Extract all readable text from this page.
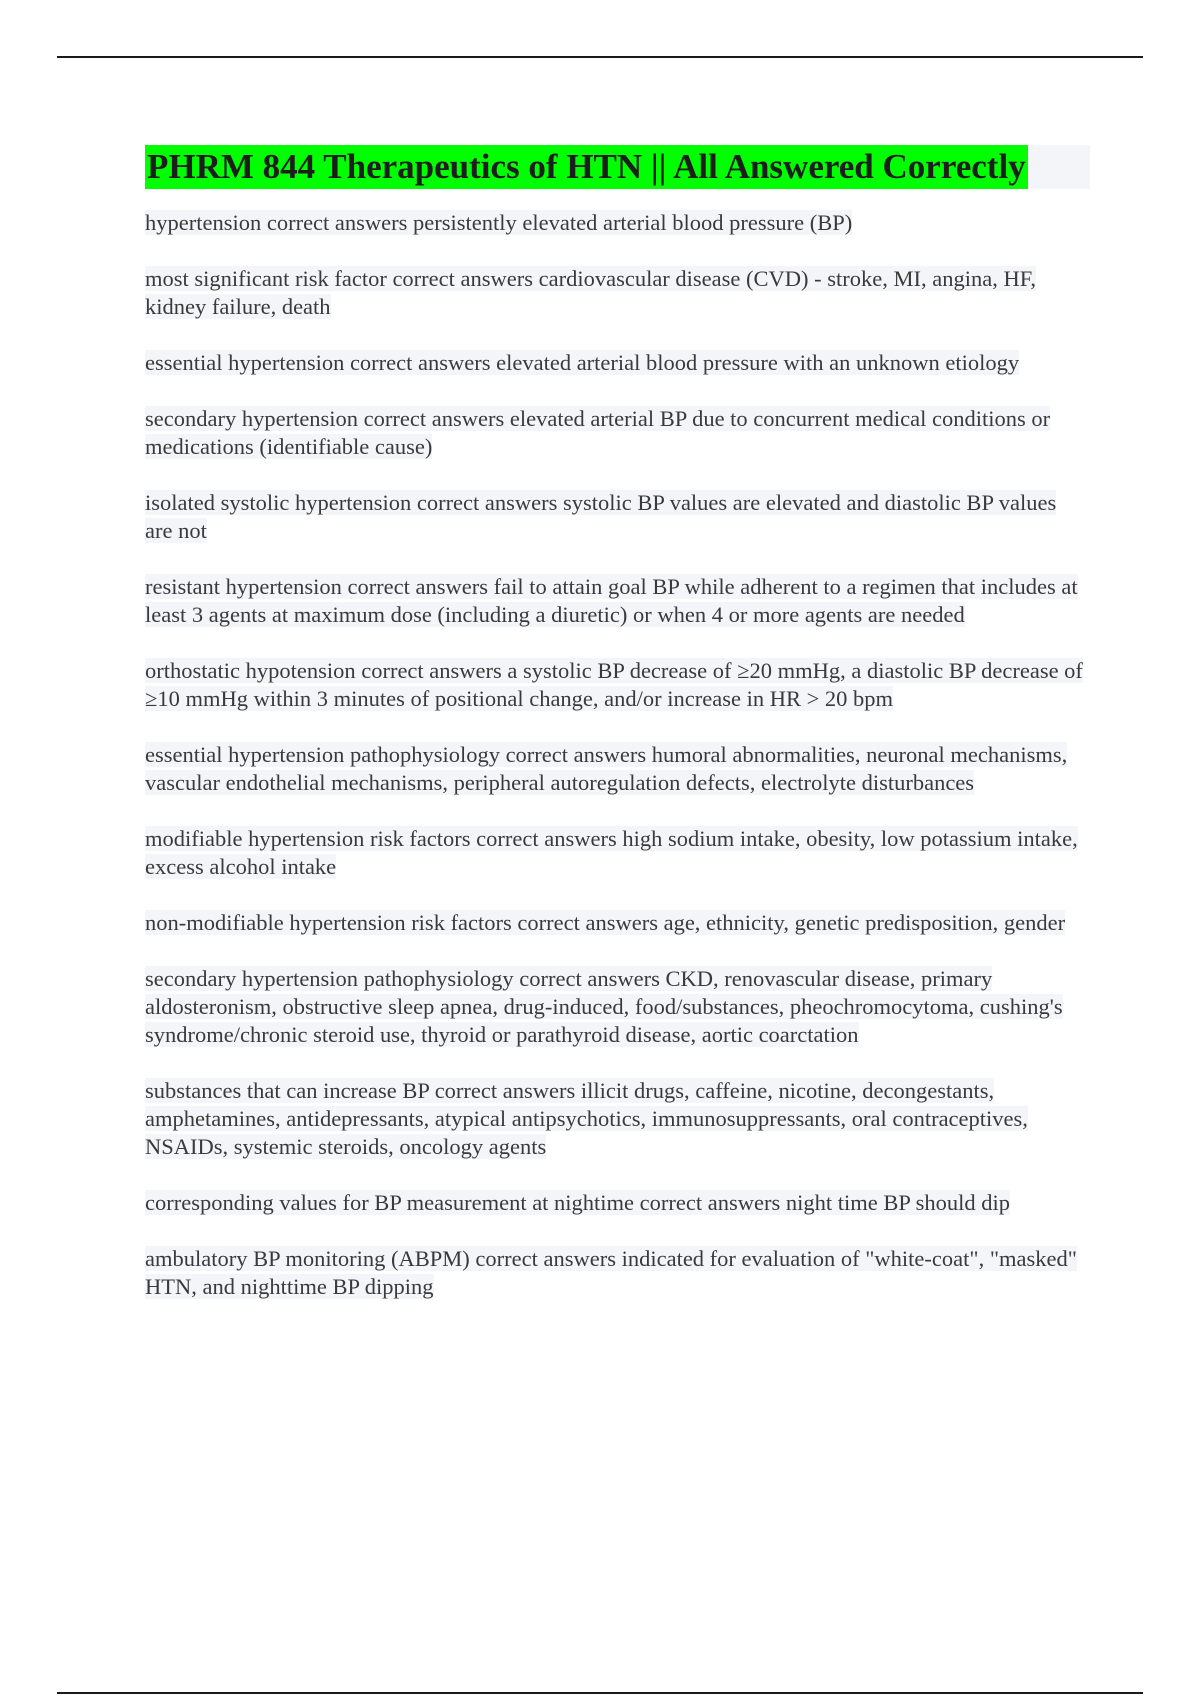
PHRM 844 Therapeutics of HTN || All Answered Correctly

hypertension correct answers persistently elevated arterial blood pressure (BP)

most significant risk factor correct answers cardiovascular disease (CVD) - stroke, MI, angina, HF, kidney failure, death

essential hypertension correct answers elevated arterial blood pressure with an unknown etiology

secondary hypertension correct answers elevated arterial BP due to concurrent medical conditions or medications (identifiable cause)

isolated systolic hypertension correct answers systolic BP values are elevated and diastolic BP values are not

resistant hypertension correct answers fail to attain goal BP while adherent to a regimen that includes at least 3 agents at maximum dose (including a diuretic) or when 4 or more agents are needed

orthostatic hypotension correct answers a systolic BP decrease of ≥20 mmHg, a diastolic BP decrease of ≥10 mmHg within 3 minutes of positional change, and/or increase in HR > 20 bpm

essential hypertension pathophysiology correct answers humoral abnormalities, neuronal mechanisms, vascular endothelial mechanisms, peripheral autoregulation defects, electrolyte disturbances

modifiable hypertension risk factors correct answers high sodium intake, obesity, low potassium intake, excess alcohol intake

non-modifiable hypertension risk factors correct answers age, ethnicity, genetic predisposition, gender

secondary hypertension pathophysiology correct answers CKD, renovascular disease, primary aldosteronism, obstructive sleep apnea, drug-induced, food/substances, pheochromocytoma, cushing's syndrome/chronic steroid use, thyroid or parathyroid disease, aortic coarctation

substances that can increase BP correct answers illicit drugs, caffeine, nicotine, decongestants, amphetamines, antidepressants, atypical antipsychotics, immunosuppressants, oral contraceptives, NSAIDs, systemic steroids, oncology agents

corresponding values for BP measurement at nightime correct answers night time BP should dip

ambulatory BP monitoring (ABPM) correct answers indicated for evaluation of "white-coat", "masked" HTN, and nighttime BP dipping
